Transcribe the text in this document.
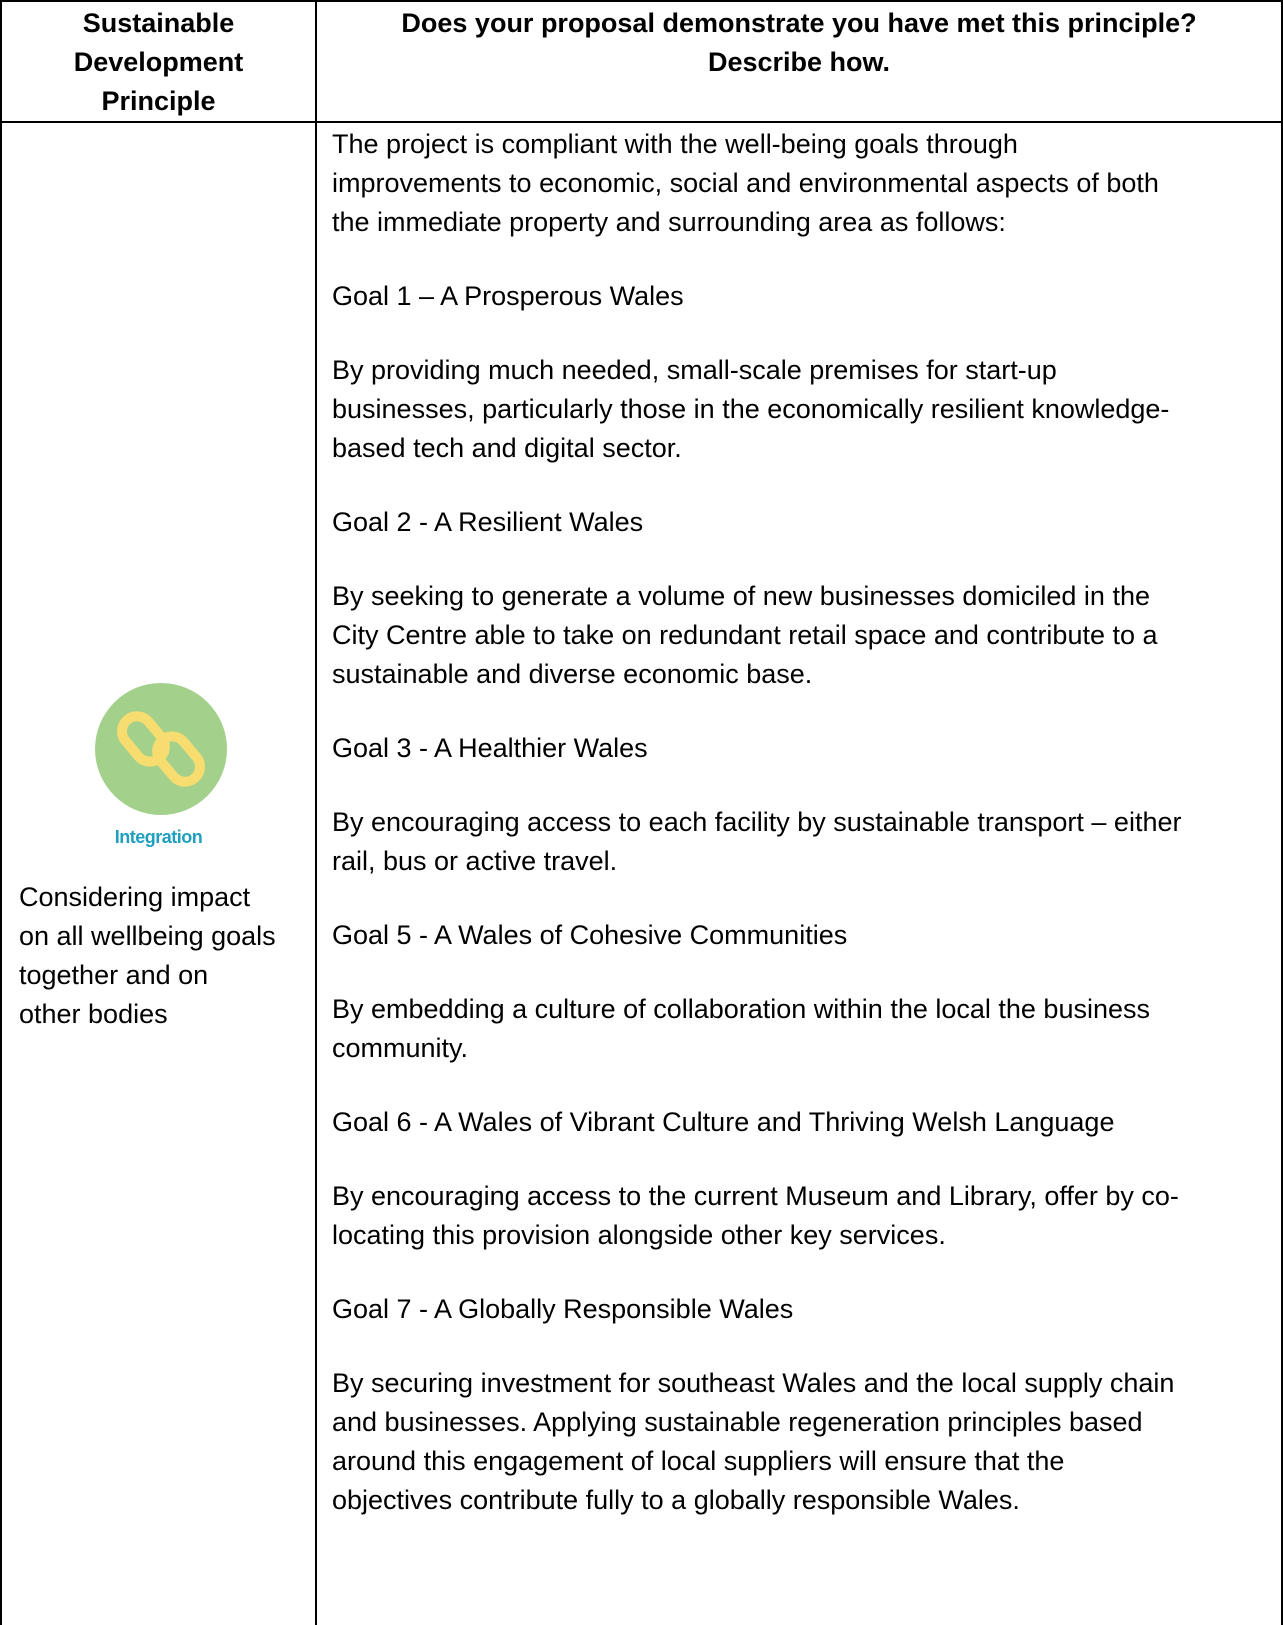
Sustainable
Development
Principle
Does your proposal demonstrate you have met this principle?
Describe how.
Integration
Considering impact
on all wellbeing goals
together and on
other bodies

The project is compliant with the well-being goals through
improvements to economic, social and environmental aspects of both
the immediate property and surrounding area as follows:

Goal 1 – A Prosperous Wales

By providing much needed, small-scale premises for start-up
businesses, particularly those in the economically resilient knowledge-
based tech and digital sector.

Goal 2 - A Resilient Wales

By seeking to generate a volume of new businesses domiciled in the
City Centre able to take on redundant retail space and contribute to a
sustainable and diverse economic base.

Goal 3 - A Healthier Wales

By encouraging access to each facility by sustainable transport – either
rail, bus or active travel.

Goal 5 - A Wales of Cohesive Communities

By embedding a culture of collaboration within the local the business
community.

Goal 6 - A Wales of Vibrant Culture and Thriving Welsh Language

By encouraging access to the current Museum and Library, offer by co-
locating this provision alongside other key services.

Goal 7 - A Globally Responsible Wales

By securing investment for southeast Wales and the local supply chain
and businesses. Applying sustainable regeneration principles based
around this engagement of local suppliers will ensure that the
objectives contribute fully to a globally responsible Wales.
